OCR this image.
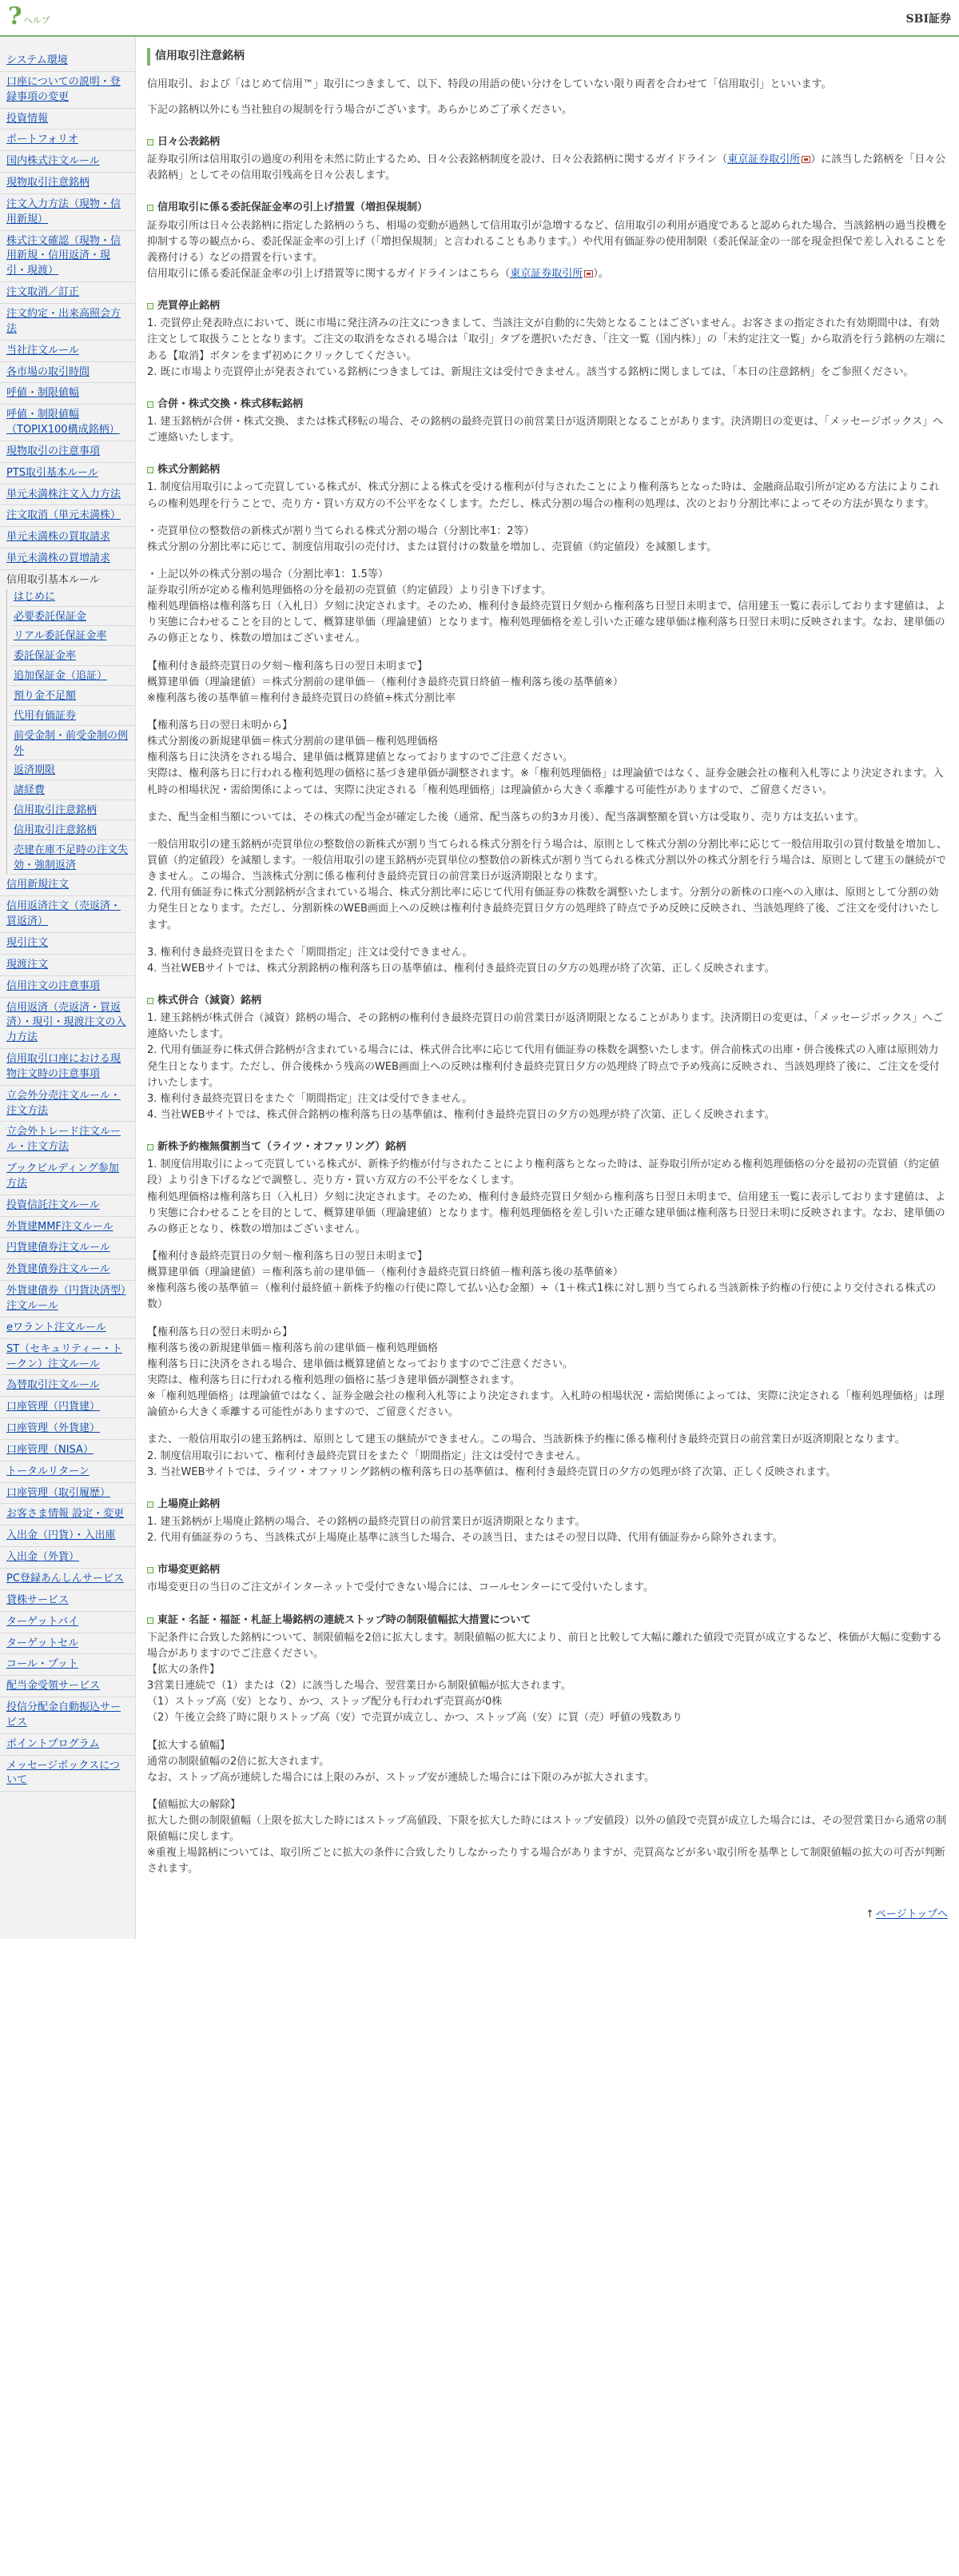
? ヘルプ	SBI証券
システム環境
口座についての説明・登録事項の変更
投資情報
ポートフォリオ
国内株式注文ルール
現物取引注意銘柄
注文入力方法（現物・信用新規）
株式注文確認（現物・信用新規・信用返済・現引・現渡）
注文取消／訂正
注文約定・出来高照会方法
当社注文ルール
各市場の取引時間
呼値・制限値幅
呼値・制限値幅（TOPIX100構成銘柄）
現物取引の注意事項
PTS取引基本ルール
単元未満株注文入力方法
注文取消（単元未満株）
単元未満株の買取請求
単元未満株の買増請求
信用取引基本ルール
はじめに
必要委託保証金
リアル委託保証金率
委託保証金率
追加保証金（追証）
預り金不足額
代用有価証券
前受金制・前受金制の例外
返済期限
諸経費
信用取引注意銘柄
信用取引注意銘柄
売建在庫不足時の注文失効・強制返済
信用新規注文
信用返済注文（売返済・買返済）
現引注文
現渡注文
信用注文の注意事項
信用返済（売返済・買返済）・現引・現渡注文の入力方法
信用取引口座における現物注文時の注意事項
立会外分売注文ルール・注文方法
立会外トレード注文ルール・注文方法
ブックビルディング参加方法
投資信託注文ルール
外貨建MMF注文ルール
円貨建債券注文ルール
外貨建債券注文ルール
外貨建債券（円貨決済型）注文ルール
eワラント注文ルール
ST（セキュリティー・トークン）注文ルール
為替取引注文ルール
口座管理（円貨建）
口座管理（外貨建）
口座管理（NISA）
トータルリターン
口座管理（取引履歴）
お客さま情報 設定・変更
入出金（円貨）・入出庫
入出金（外貨）
PC登録あんしんサービス
貸株サービス
ターゲットバイ
ターゲットセル
コール・プット
配当金受領サービス
投信分配金自動振込サービス
ポイントプログラム
メッセージボックスについて
信用取引注意銘柄

信用取引、および「はじめて信用™」取引につきまして、以下、特段の用語の使い分けをしていない限り両者を合わせて「信用取引」といいます。

下記の銘柄以外にも当社独自の規制を行う場合がございます。あらかじめご了承ください。

日々公表銘柄

証券取引所は信用取引の過度の利用を未然に防止するため、日々公表銘柄制度を設け、日々公表銘柄に関するガイドライン（東京証券取引所 ）に該当した銘柄を「日々公表銘柄」としてその信用取引残高を日々公表します。

信用取引に係る委託保証金率の引上げ措置（増担保規制）

証券取引所は日々公表銘柄に指定した銘柄のうち、相場の変動が過熱して信用取引が急増するなど、信用取引の利用が過度であると認められた場合、当該銘柄の過当投機を抑制する等の観点から、委託保証金率の引上げ（「増担保規制」と言われることもあります。）や代用有価証券の使用制限（委託保証金の一部を現金担保で差し入れることを義務付ける）などの措置を行います。

信用取引に係る委託保証金率の引上げ措置等に関するガイドラインはこちら（東京証券取引所 ）。

売買停止銘柄

1. 売買停止発表時点において、既に市場に発注済みの注文につきまして、当該注文が自動的に失効となることはございません。お客さまの指定された有効期間中は、有効注文として取扱うこととなります。ご注文の取消をなされる場合は「取引」タブを選択いただき、「注文一覧（国内株）」の「未約定注文一覧」から取消を行う銘柄の左端にある【取消】ボタンをまず初めにクリックしてください。

2. 既に市場より売買停止が発表されている銘柄につきましては、新規注文は受付できません。該当する銘柄に関しましては、「本日の注意銘柄」をご参照ください。

合併・株式交換・株式移転銘柄

1. 建玉銘柄が合併・株式交換、または株式移転の場合、その銘柄の最終売買日の前営業日が返済期限となることがあります。決済期日の変更は、「メッセージボックス」へご連絡いたします。

株式分割銘柄

1. 制度信用取引によって売買している株式が、株式分割による株式を受ける権利が付与されたことにより権利落ちとなった時は、金融商品取引所が定める方法によりこれらの権利処理を行うことで、売り方・買い方双方の不公平をなくします。ただし、株式分割の場合の権利の処理は、次のとおり分割比率によってその方法が異なります。

・売買単位の整数倍の新株式が割り当てられる株式分割の場合（分割比率1：2等）

株式分割の分割比率に応じて、制度信用取引の売付け、または買付けの数量を増加し、売買値（約定値段）を減額します。

・上記以外の株式分割の場合（分割比率1：1.5等）

証券取引所が定める権利処理価格の分を最初の売買値（約定値段）より引き下げます。

権利処理価格は権利落ち日（入札日）夕刻に決定されます。そのため、権利付き最終売買日夕刻から権利落ち日翌日未明まで、信用建玉一覧に表示しております建値は、より実態に合わせることを目的として、概算建単価（理論建値）となります。権利処理価格を差し引いた正確な建単価は権利落ち日翌日未明に反映されます。なお、建単価のみの修正となり、株数の増加はございません。

【権利付き最終売買日の夕刻～権利落ち日の翌日未明まで】

概算建単価（理論建値）＝株式分割前の建単価－（権利付き最終売買日終値－権利落ち後の基準値※）

※権利落ち後の基準値＝権利付き最終売買日の終値÷株式分割比率

【権利落ち日の翌日未明から】

株式分割後の新規建単価＝株式分割前の建単価－権利処理価格

権利落ち日に決済をされる場合、建単価は概算建値となっておりますのでご注意ください。

実際は、権利落ち日に行われる権利処理の価格に基づき建単価が調整されます。※「権利処理価格」は理論値ではなく、証券金融会社の権利入札等により決定されます。入札時の相場状況・需給関係によっては、実際に決定される「権利処理価格」は理論値から大きく乖離する可能性がありますので、ご留意ください。

また、配当金相当額については、その株式の配当金が確定した後（通常、配当落ちの約3カ月後）、配当落調整額を買い方は受取り、売り方は支払います。

一般信用取引の建玉銘柄が売買単位の整数倍の新株式が割り当てられる株式分割を行う場合は、原則として株式分割の分割比率に応じて一般信用取引の買付数量を増加し、買値（約定値段）を減額します。一般信用取引の建玉銘柄が売買単位の整数倍の新株式が割り当てられる株式分割以外の株式分割を行う場合は、原則として建玉の継続ができません。この場合、当該株式分割に係る権利付き最終売買日の前営業日が返済期限となります。

2. 代用有価証券に株式分割銘柄が含まれている場合、株式分割比率に応じて代用有価証券の株数を調整いたします。分割分の新株の口座への入庫は、原則として分割の効力発生日となります。ただし、分割新株のWEB画面上への反映は権利付き最終売買日夕方の処理終了時点で予め反映に反映され、当該処理終了後、ご注文を受付けいたします。

3. 権利付き最終売買日をまたぐ「期間指定」注文は受付できません。

4. 当社WEBサイトでは、株式分割銘柄の権利落ち日の基準値は、権利付き最終売買日の夕方の処理が終了次第、正しく反映されます。

株式併合（減資）銘柄

1. 建玉銘柄が株式併合（減資）銘柄の場合、その銘柄の権利付き最終売買日の前営業日が返済期限となることがあります。決済期日の変更は、「メッセージボックス」へご連絡いたします。

2. 代用有価証券に株式併合銘柄が含まれている場合には、株式併合比率に応じて代用有価証券の株数を調整いたします。併合前株式の出庫・併合後株式の入庫は原則効力発生日となります。ただし、併合後株かう残高のWEB画面上への反映は権利付き最終売買日夕方の処理終了時点で予め残高に反映され、当該処理終了後に、ご注文を受付けいたします。

3. 権利付き最終売買日をまたぐ「期間指定」注文は受付できません。

4. 当社WEBサイトでは、株式併合銘柄の権利落ち日の基準値は、権利付き最終売買日の夕方の処理が終了次第、正しく反映されます。

新株予約権無償割当て（ライツ・オファリング）銘柄

1. 制度信用取引によって売買している株式が、新株予約権が付与されたことにより権利落ちとなった時は、証券取引所が定める権利処理価格の分を最初の売買値（約定値段）より引き下げるなどで調整し、売り方・買い方双方の不公平をなくします。

権利処理価格は権利落ち日（入札日）夕刻に決定されます。そのため、権利付き最終売買日夕刻から権利落ち日翌日未明まで、信用建玉一覧に表示しております建値は、より実態に合わせることを目的として、概算建単価（理論建値）となります。権利処理価格を差し引いた正確な建単価は権利落ち日翌日未明に反映されます。なお、建単価のみの修正となり、株数の増加はございません。

【権利付き最終売買日の夕刻～権利落ち日の翌日未明まで】

概算建単価（理論建値）＝権利落ち前の建単価－（権利付き最終売買日終値－権利落ち後の基準値※）

※権利落ち後の基準値＝（権利付最終値＋新株予約権の行使に際して払い込む金額）÷（1＋株式1株に対し割り当てられる当該新株予約権の行使により交付される株式の数）

【権利落ち日の翌日未明から】

権利落ち後の新規建単価＝権利落ち前の建単価－権利処理価格

権利落ち日に決済をされる場合、建単価は概算建値となっておりますのでご注意ください。

実際は、権利落ち日に行われる権利処理の価格に基づき建単価が調整されます。

※「権利処理価格」は理論値ではなく、証券金融会社の権利入札等により決定されます。入札時の相場状況・需給関係によっては、実際に決定される「権利処理価格」は理論値から大きく乖離する可能性がありますので、ご留意ください。

また、一般信用取引の建玉銘柄は、原則として建玉の継続ができません。この場合、当該新株予約権に係る権利付き最終売買日の前営業日が返済期限となります。

2. 制度信用取引において、権利付き最終売買日をまたぐ「期間指定」注文は受付できません。

3. 当社WEBサイトでは、ライツ・オファリング銘柄の権利落ち日の基準値は、権利付き最終売買日の夕方の処理が終了次第、正しく反映されます。

上場廃止銘柄

1. 建玉銘柄が上場廃止銘柄の場合、その銘柄の最終売買日の前営業日が返済期限となります。

2. 代用有価証券のうち、当該株式が上場廃止基準に該当した場合、その該当日、またはその翌日以降、代用有価証券から除外されます。

市場変更銘柄

市場変更日の当日のご注文がインターネットで受付できない場合には、コールセンターにて受付いたします。

東証・名証・福証・札証上場銘柄の連続ストップ時の制限値幅拡大措置について

下記条件に合致した銘柄について、制限値幅を2倍に拡大します。制限値幅の拡大により、前日と比較して大幅に離れた値段で売買が成立するなど、株価が大幅に変動する場合がありますのでご注意ください。

【拡大の条件】

3営業日連続で（1）または（2）に該当した場合、翌営業日から制限値幅が拡大されます。

（1）ストップ高（安）となり、かつ、ストップ配分も行われず売買高が0株

（2）午後立会終了時に限りストップ高（安）で売買が成立し、かつ、ストップ高（安）に買（売）呼値の残数あり

【拡大する値幅】

通常の制限値幅の2倍に拡大されます。

なお、ストップ高が連続した場合には上限のみが、ストップ安が連続した場合には下限のみが拡大されます。

【値幅拡大の解除】

拡大した側の制限値幅（上限を拡大した時にはストップ高値段、下限を拡大した時にはストップ安値段）以外の値段で売買が成立した場合には、その翌営業日から通常の制限値幅に戻します。

※重複上場銘柄については、取引所ごとに拡大の条件に合致したりしなかったりする場合がありますが、売買高などが多い取引所を基準として制限値幅の拡大の可否が判断されます。

↑ ページトップへ
